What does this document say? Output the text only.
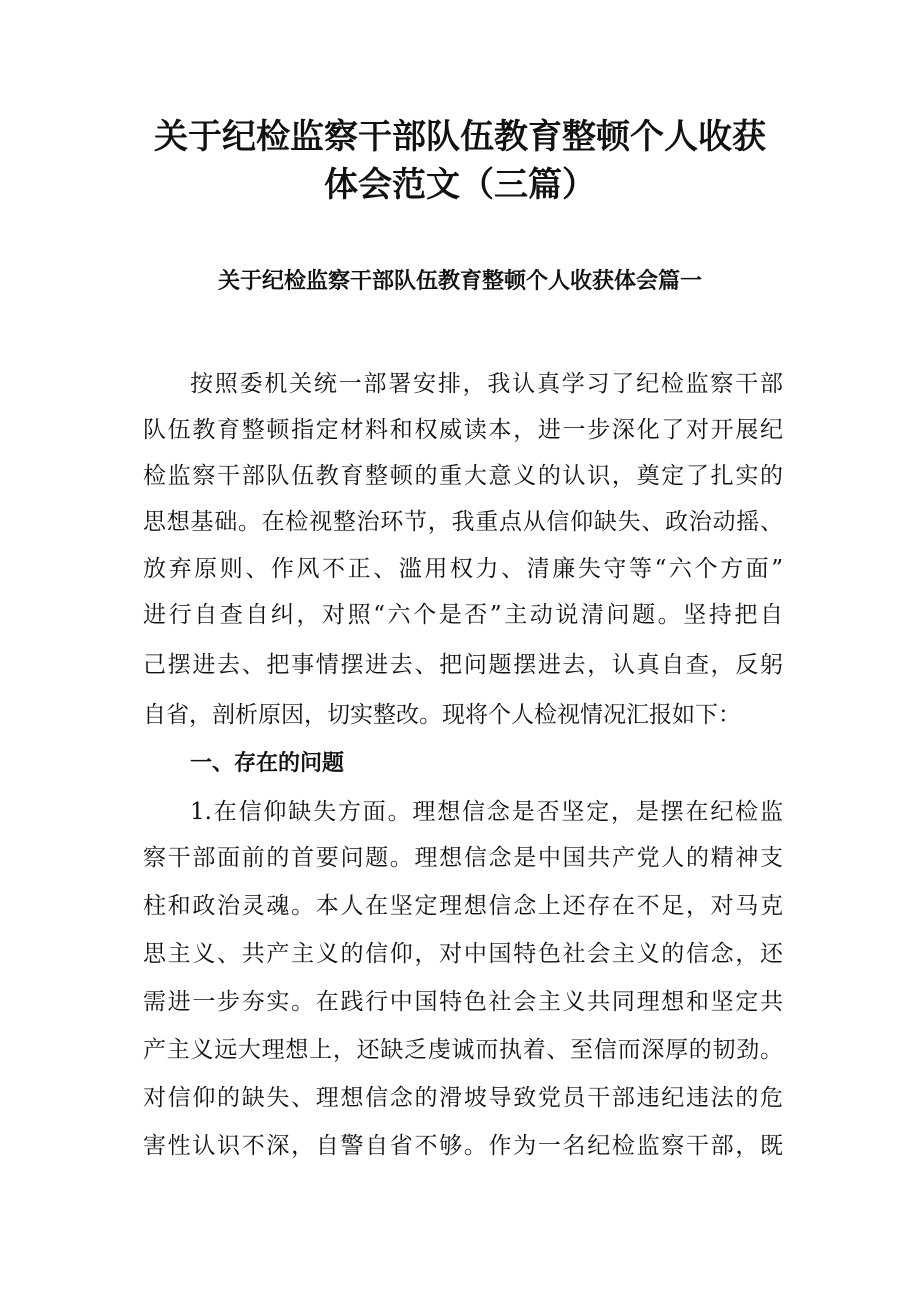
关于纪检监察干部队伍教育整顿个人收获
体会范文（三篇）
关于纪检监察干部队伍教育整顿个人收获体会篇一
按照委机关统一部署安排，我认真学习了纪检监察干部
队伍教育整顿指定材料和权威读本，进一步深化了对开展纪
检监察干部队伍教育整顿的重大意义的认识，奠定了扎实的
思想基础。在检视整治环节，我重点从信仰缺失、政治动摇、
放弃原则、作风不正、滥用权力、清廉失守等“六个方面”
进行自查自纠，对照“六个是否”主动说清问题。坚持把自
己摆进去、把事情摆进去、把问题摆进去，认真自查，反躬
自省，剖析原因，切实整改。现将个人检视情况汇报如下：
一、存在的问题
1.在信仰缺失方面。理想信念是否坚定，是摆在纪检监
察干部面前的首要问题。理想信念是中国共产党人的精神支
柱和政治灵魂。本人在坚定理想信念上还存在不足，对马克
思主义、共产主义的信仰，对中国特色社会主义的信念，还
需进一步夯实。在践行中国特色社会主义共同理想和坚定共
产主义远大理想上，还缺乏虔诚而执着、至信而深厚的韧劲。
对信仰的缺失、理想信念的滑坡导致党员干部违纪违法的危
害性认识不深，自警自省不够。作为一名纪检监察干部，既
